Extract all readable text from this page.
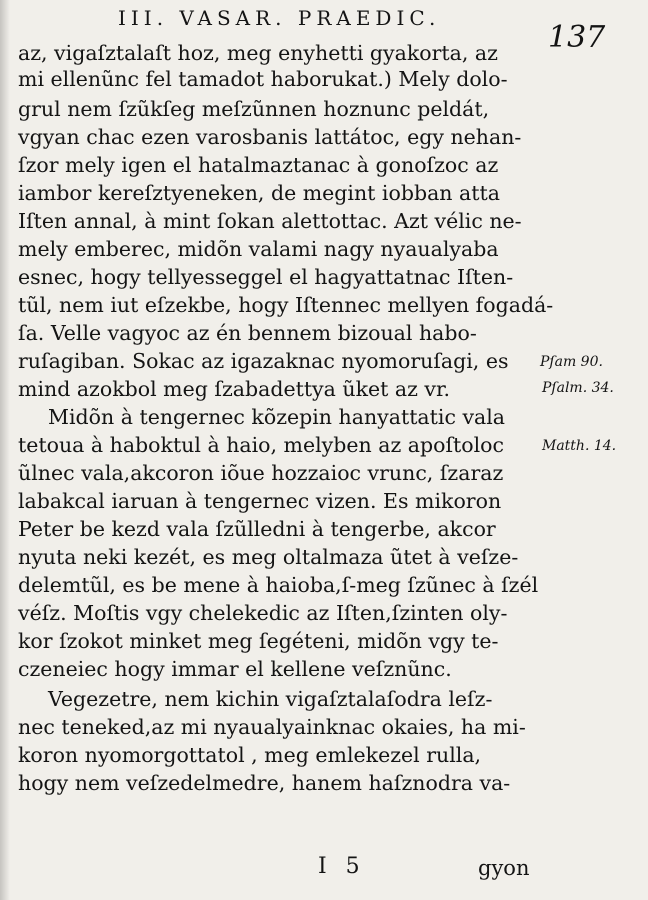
III. VASAR. PRAEDIC.
137
az, vigaſztalaſt hoz, meg enyhetti gyakorta, az
mi ellenũnc fel tamadot haborukat.) Mely dolo-
grul nem ſzũkſeg meſzũnnen hoznunc peldát,
vgyan chac ezen varosbanis lattátoc, egy nehan-
ſzor mely igen el hatalmaztanac à gonoſzoc az
iambor kereſztyeneken, de megint iobban atta
Iſten annal, à mint ſokan alettottac. Azt vélic ne-
mely emberec, midõn valami nagy nyaualyaba
esnec, hogy tellyesseggel el hagyattatnac Iſten-
tũl, nem iut eſzekbe, hogy Iſtennec mellyen fogadá-
ſa. Velle vagyoc az én bennem bizoual habo-
ruſagiban. Sokac az igazaknac nyomoruſagi, es
mind azokbol meg ſzabadettya ũket az vr.
Midõn à tengernec kõzepin hanyattatic vala
tetoua à haboktul à haio, melyben az apoſtoloc
ũlnec vala,akcoron iõue hozzaioc vrunc, ſzaraz
labakcal iaruan à tengernec vizen. Es mikoron
Peter be kezd vala ſzũlledni à tengerbe, akcor
nyuta neki kezét, es meg oltalmaza ũtet à veſze-
delemtũl, es be mene à haioba,ſ-meg ſzũnec à ſzél
véſz. Moſtis vgy chelekedic az Iſten,ſzinten oly-
kor ſzokot minket meg ſegéteni, midõn vgy te-
czeneiec hogy immar el kellene veſznũnc.
Vegezetre, nem kichin vigaſztalaſodra leſz-
nec teneked,az mi nyaualyainknac okaies, ha mi-
koron nyomorgottatol , meg emlekezel rulla,
hogy nem veſzedelmedre, hanem haſznodra va-
Pſam 90.
Pſalm. 34.
Matth. 14.
I 5	gyon
